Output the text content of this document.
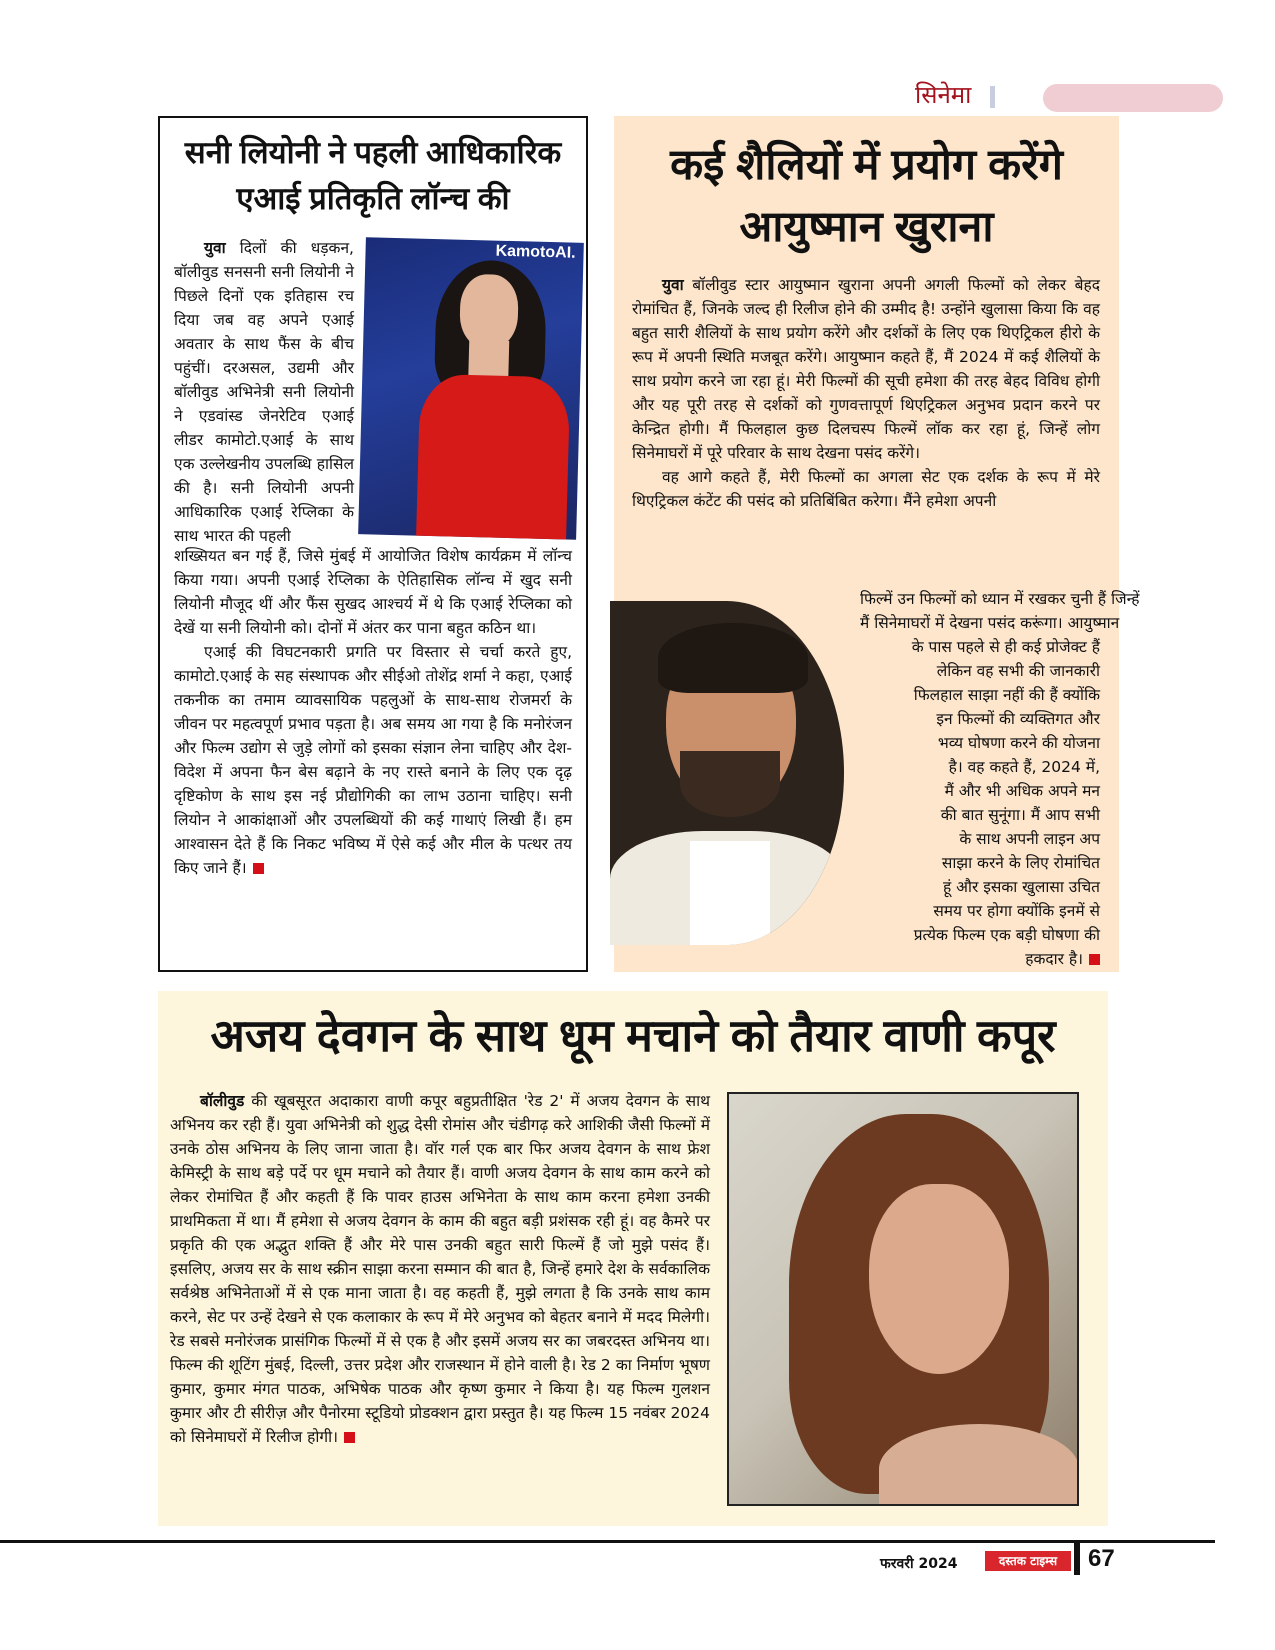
सिनेमा
सनी लियोनी ने पहली आधिकारिक
एआई प्रतिकृति लॉन्च की
KamotoAI.

युवा दिलों की धड़कन, बॉलीवुड सनसनी सनी लियोनी ने पिछले दिनों एक इतिहास रच दिया जब वह अपने एआई अवतार के साथ फैंस के बीच पहुंचीं। दरअसल, उद्यमी और बॉलीवुड अभिनेत्री सनी लियोनी ने एडवांस्ड जेनरेटिव एआई लीडर कामोटो.एआई के साथ एक उल्लेखनीय उपलब्धि हासिल की है। सनी लियोनी अपनी आधिकारिक एआई रेप्लिका के साथ भारत की पहली

शख्सियत बन गई हैं, जिसे मुंबई में आयोजित विशेष कार्यक्रम में लॉन्च किया गया। अपनी एआई रेप्लिका के ऐतिहासिक लॉन्च में खुद सनी लियोनी मौजूद थीं और फैंस सुखद आश्चर्य में थे कि एआई रेप्लिका को देखें या सनी लियोनी को। दोनों में अंतर कर पाना बहुत कठिन था।

एआई की विघटनकारी प्रगति पर विस्तार से चर्चा करते हुए, कामोटो.एआई के सह संस्थापक और सीईओ तोशेंद्र शर्मा ने कहा, एआई तकनीक का तमाम व्यावसायिक पहलुओं के साथ-साथ रोजमर्रा के जीवन पर महत्वपूर्ण प्रभाव पड़ता है। अब समय आ गया है कि मनोरंजन और फिल्म उद्योग से जुड़े लोगों को इसका संज्ञान लेना चाहिए और देश-विदेश में अपना फैन बेस बढ़ाने के नए रास्ते बनाने के लिए एक दृढ़ दृष्टिकोण के साथ इस नई प्रौद्योगिकी का लाभ उठाना चाहिए। सनी लियोन ने आकांक्षाओं और उपलब्धियों की कई गाथाएं लिखी हैं। हम आश्वासन देते हैं कि निकट भविष्य में ऐसे कई और मील के पत्थर तय किए जाने हैं।

कई शैलियों में प्रयोग करेंगे
आयुष्मान खुराना

युवा बॉलीवुड स्टार आयुष्मान खुराना अपनी अगली फिल्मों को लेकर बेहद रोमांचित हैं, जिनके जल्द ही रिलीज होने की उम्मीद है! उन्होंने खुलासा किया कि वह बहुत सारी शैलियों के साथ प्रयोग करेंगे और दर्शकों के लिए एक थिएट्रिकल हीरो के रूप में अपनी स्थिति मजबूत करेंगे। आयुष्मान कहते हैं, मैं 2024 में कई शैलियों के साथ प्रयोग करने जा रहा हूं। मेरी फिल्मों की सूची हमेशा की तरह बेहद विविध होगी और यह पूरी तरह से दर्शकों को गुणवत्तापूर्ण थिएट्रिकल अनुभव प्रदान करने पर केन्द्रित होगी। मैं फिलहाल कुछ दिलचस्प फिल्में लॉक कर रहा हूं, जिन्हें लोग सिनेमाघरों में पूरे परिवार के साथ देखना पसंद करेंगे।

वह आगे कहते हैं, मेरी फिल्मों का अगला सेट एक दर्शक के रूप में मेरे थिएट्रिकल कंटेंट की पसंद को प्रतिबिंबित करेगा। मैंने हमेशा अपनी

फिल्में उन फिल्मों को ध्यान में रखकर चुनी हैं जिन्हें
मैं सिनेमाघरों में देखना पसंद करूंगा। आयुष्मान
के पास पहले से ही कई प्रोजेक्ट हैं
लेकिन वह सभी की जानकारी
फिलहाल साझा नहीं की हैं क्योंकि
इन फिल्मों की व्यक्तिगत और
भव्य घोषणा करने की योजना
है। वह कहते हैं, 2024 में,
मैं और भी अधिक अपने मन
की बात सुनूंगा। मैं आप सभी
के साथ अपनी लाइन अप
साझा करने के लिए रोमांचित
हूं और इसका खुलासा उचित
समय पर होगा क्योंकि इनमें से
प्रत्येक फिल्म एक बड़ी घोषणा की
हकदार है।
अजय देवगन के साथ धूम मचाने को तैयार वाणी कपूर

बॉलीवुड की खूबसूरत अदाकारा वाणी कपूर बहुप्रतीक्षित 'रेड 2' में अजय देवगन के साथ अभिनय कर रही हैं। युवा अभिनेत्री को शुद्ध देसी रोमांस और चंडीगढ़ करे आशिकी जैसी फिल्मों में उनके ठोस अभिनय के लिए जाना जाता है। वॉर गर्ल एक बार फिर अजय देवगन के साथ फ्रेश केमिस्ट्री के साथ बड़े पर्दे पर धूम मचाने को तैयार हैं। वाणी अजय देवगन के साथ काम करने को लेकर रोमांचित हैं और कहती हैं कि पावर हाउस अभिनेता के साथ काम करना हमेशा उनकी प्राथमिकता में था। मैं हमेशा से अजय देवगन के काम की बहुत बड़ी प्रशंसक रही हूं। वह कैमरे पर प्रकृति की एक अद्भुत शक्ति हैं और मेरे पास उनकी बहुत सारी फिल्में हैं जो मुझे पसंद हैं। इसलिए, अजय सर के साथ स्क्रीन साझा करना सम्मान की बात है, जिन्हें हमारे देश के सर्वकालिक सर्वश्रेष्ठ अभिनेताओं में से एक माना जाता है। वह कहती हैं, मुझे लगता है कि उनके साथ काम करने, सेट पर उन्हें देखने से एक कलाकार के रूप में मेरे अनुभव को बेहतर बनाने में मदद मिलेगी। रेड सबसे मनोरंजक प्रासंगिक फिल्मों में से एक है और इसमें अजय सर का जबरदस्त अभिनय था। फिल्म की शूटिंग मुंबई, दिल्ली, उत्तर प्रदेश और राजस्थान में होने वाली है। रेड 2 का निर्माण भूषण कुमार, कुमार मंगत पाठक, अभिषेक पाठक और कृष्ण कुमार ने किया है। यह फिल्म गुलशन कुमार और टी सीरीज़ और पैनोरमा स्टूडियो प्रोडक्शन द्वारा प्रस्तुत है। यह फिल्म 15 नवंबर 2024 को सिनेमाघरों में रिलीज होगी।

फरवरी 2024	दस्तक टाइम्स	67
